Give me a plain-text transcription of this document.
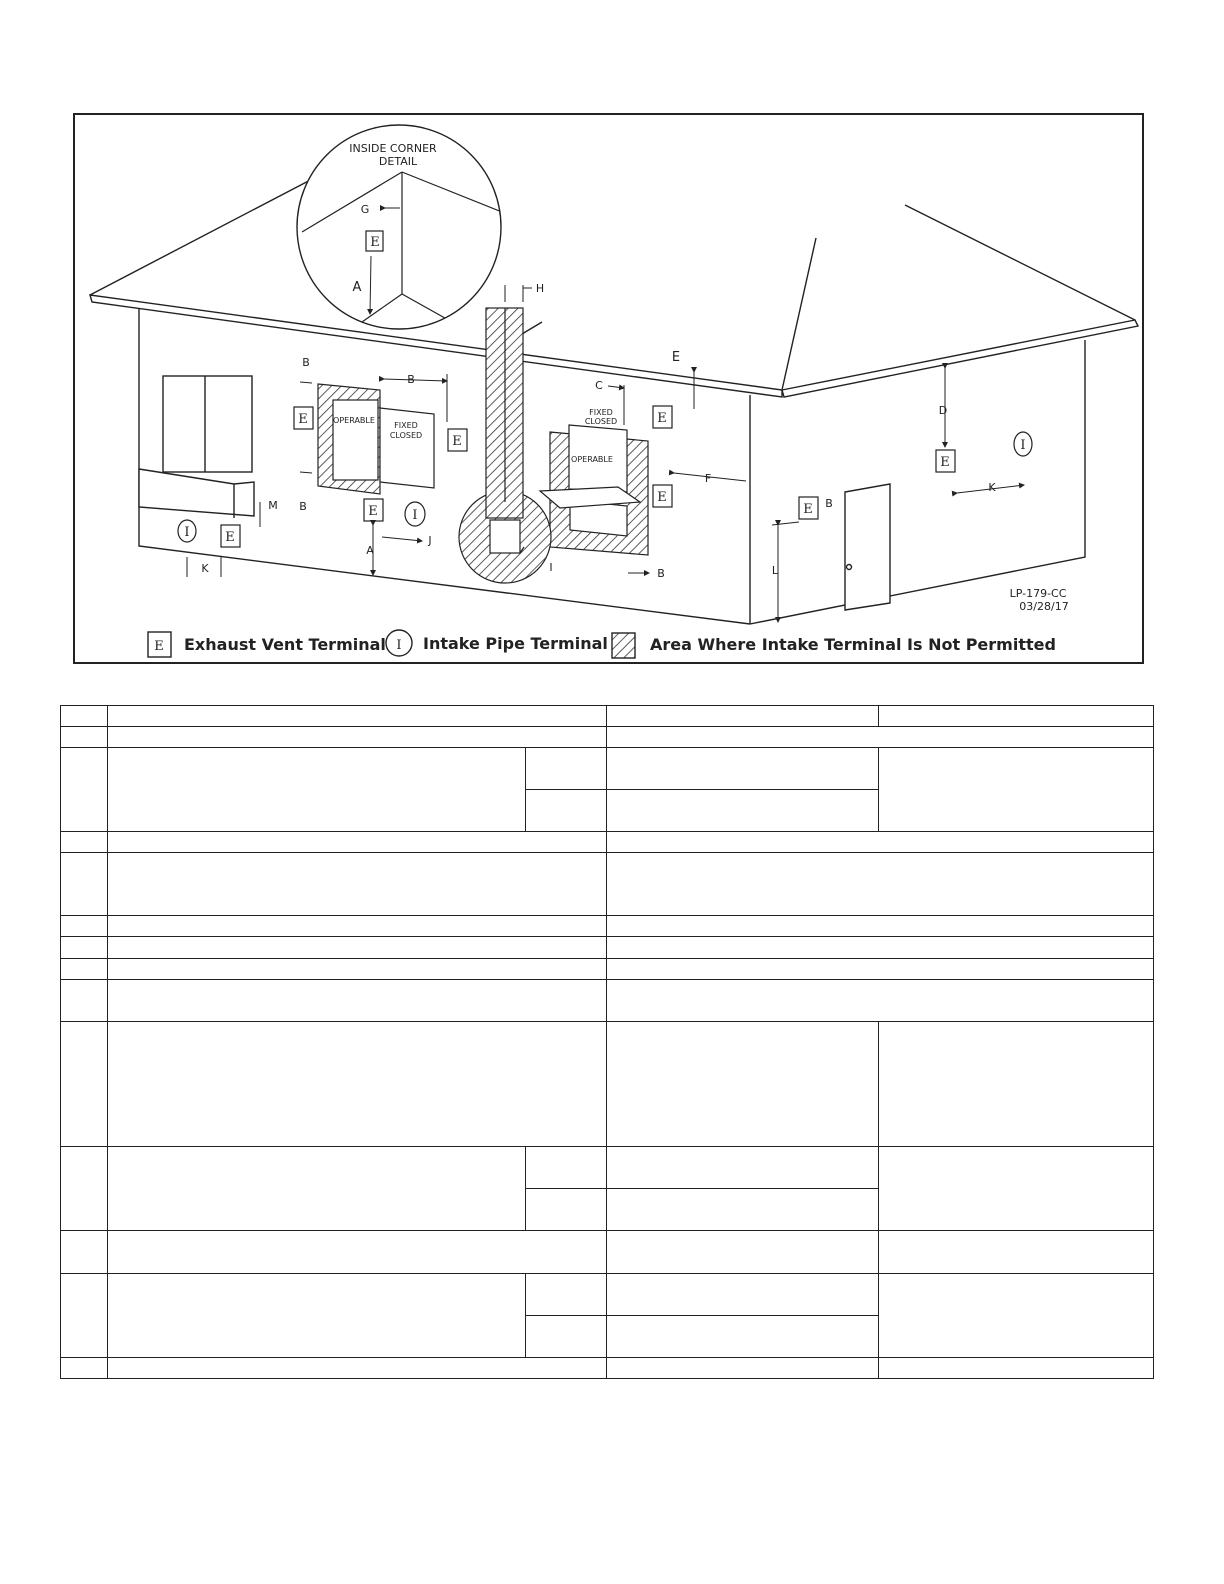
INSIDE CORNER
DETAIL
E
G
A
OPERABLE
FIXED
CLOSED
FIXED
CLOSED
OPERABLE
E
E
E
E
E
E
E
E
I
I
I
B
B
B
B
B
M
K
A
J
H
I
C
E
F
D
K
L
LP-179-CC
03/28/17
E Exhaust Vent Terminal I Intake Pipe Terminal	Area Where Intake Terminal Is Not Permitted
